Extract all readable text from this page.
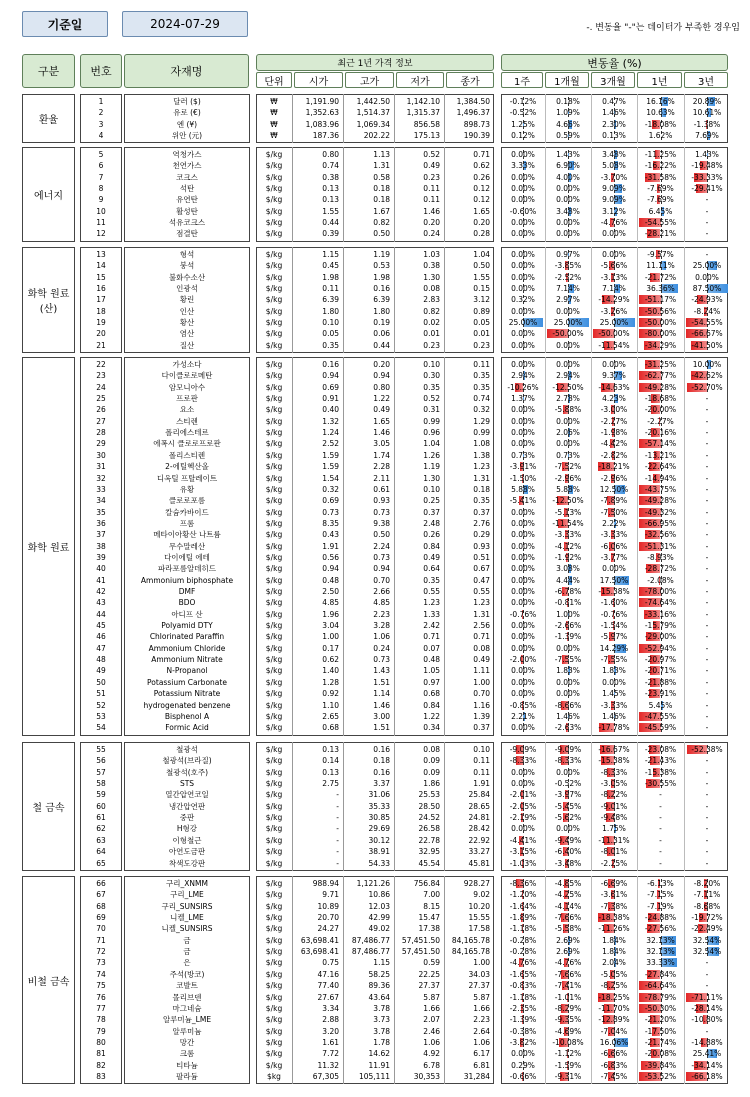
기준일	2024-07-29	-. 변동율 "-"는 데이터가 부족한 경우임
구분	번호	자재명
최근 1년 가격 정보
단위	시가	고가	저가	종가
변동율 (%)
1주	1개월	3개월	1년	3년
환율
1	달러 ($)	₩	1,191.90	1,442.50	1,142.10	1,384.50	-0.12%	0.18%	0.47%	16.16%	20.89%
2	유로 (€)	₩	1,352.63	1,514.37	1,315.37	1,496.37	-0.52%	1.09%	1.46%	10.63%	10.61%
3	엔 (¥)	₩	1,083.96	1,069.34	856.58	898.73	1.25%	4.66%	2.30%	-18.08%	-1.38%
4	위안 (元)	₩	187.36	202.22	175.13	190.39	0.12%	0.59%	0.13%	1.62%	7.69%
에너지
5	역청가스	$/kg	0.80	1.13	0.52	0.71	0.00%	1.43%	3.48%	-11.25%	1.43%
6	천연가스	$/kg	0.74	1.31	0.49	0.62	3.33%	6.90%	5.08%	-16.22%	-19.48%
7	코크스	$/kg	0.38	0.58	0.23	0.26	0.00%	4.00%	-3.70%	-31.58%	-33.33%
8	석탄	$/kg	0.13	0.18	0.11	0.12	0.00%	0.00%	9.09%	-7.69%	-29.41%
9	유연탄	$/kg	0.13	0.18	0.11	0.12	0.00%	0.00%	9.09%	-7.69%	-
10	활성탄	$/kg	1.55	1.67	1.46	1.65	-0.60%	3.48%	3.12%	6.45%	-
11	석유코크스	$/kg	0.44	0.82	0.20	0.20	0.00%	0.00%	-4.76%	-54.55%	-
12	점결탄	$/kg	0.39	0.50	0.24	0.28	0.00%	0.00%	0.00%	-28.21%	-
화학 원료 (산)
13	형석	$/kg	1.15	1.19	1.03	1.04	0.00%	0.97%	0.00%	-9.57%	-
14	붕석	$/kg	0.45	0.53	0.38	0.50	0.00%	-3.85%	-5.66%	11.11%	25.00%
15	불화수소산	$/kg	1.98	1.98	1.30	1.55	0.00%	-2.52%	-3.13%	-21.72%	0.00%
16	인광석	$/kg	0.11	0.16	0.08	0.15	0.00%	7.14%	7.14%	36.36%	87.50%
17	황린	$/kg	6.39	6.39	2.83	3.12	0.32%	2.97%	-14.29%	-51.17%	-24.93%
18	인산	$/kg	1.80	1.80	0.82	0.89	0.00%	0.00%	-3.26%	-50.56%	-8.24%
19	황산	$/kg	0.10	0.19	0.02	0.05	25.00%	25.00%	25.00%	-50.00%	-54.55%
20	염산	$/kg	0.05	0.06	0.01	0.01	0.00%	-50.00%	-50.00%	-80.00%	-66.67%
21	질산	$/kg	0.35	0.44	0.23	0.23	0.00%	0.00%	-11.54%	-34.29%	-41.50%
화학 원료
22	가성소다	$/kg	0.16	0.20	0.10	0.11	0.00%	0.00%	0.00%	-31.25%	10.00%
23	다이클로로메탄	$/kg	0.94	0.94	0.30	0.35	2.94%	2.94%	9.37%	-62.77%	-42.62%
24	암모니아수	$/kg	0.69	0.80	0.35	0.35	-10.26%	-12.50%	-14.63%	-49.28%	-52.70%
25	프로판	$/kg	0.91	1.22	0.52	0.74	1.37%	2.78%	4.23%	-18.68%	-
26	요소	$/kg	0.40	0.49	0.31	0.32	0.00%	-5.88%	-3.00%	-20.00%	-
27	스티렌	$/kg	1.32	1.65	0.99	1.29	0.00%	0.00%	-2.27%	-2.27%	-
28	폴리에스테르	$/kg	1.24	1.46	0.96	0.99	0.00%	2.06%	-1.98%	-20.16%	-
29	에폭시 클로로프로판	$/kg	2.52	3.05	1.04	1.08	0.00%	0.00%	-4.42%	-57.14%	-
30	폴리스티렌	$/kg	1.59	1.74	1.26	1.38	0.73%	0.73%	-2.82%	-13.21%	-
31	2-에틸헥산올	$/kg	1.59	2.28	1.19	1.23	-3.91%	-7.52%	-18.21%	-22.64%	-
32	디옥틸 프탈레이트	$/kg	1.54	2.11	1.30	1.31	-1.50%	-2.96%	-2.96%	-14.94%	-
33	유황	$/kg	0.32	0.61	0.10	0.18	5.88%	5.88%	12.50%	-43.75%	-
34	클로로포름	$/kg	0.69	0.93	0.25	0.35	-5.41%	-12.50%	-7.89%	-49.28%	-
35	칼슘카바이드	$/kg	0.73	0.73	0.37	0.37	0.00%	-5.13%	-7.50%	-49.32%	-
36	프롬	$/kg	8.35	9.38	2.48	2.76	0.00%	-11.54%	2.22%	-66.95%	-
37	메타이아황산 나트륨	$/kg	0.43	0.50	0.26	0.29	0.00%	-3.33%	-3.33%	-32.56%	-
38	무수말레산	$/kg	1.91	2.24	0.84	0.93	0.00%	-4.12%	-6.06%	-51.31%	-
39	다이에틸 에테	$/kg	0.56	0.73	0.49	0.51	0.00%	-1.92%	-3.77%	-8.93%	-
40	파라포름알데히드	$/kg	0.94	0.94	0.64	0.67	0.00%	3.08%	0.00%	-28.72%	-
41	Ammonium biphosphate	$/kg	0.48	0.70	0.35	0.47	0.00%	4.44%	17.50%	-2.08%	-
42	DMF	$/kg	2.50	2.66	0.55	0.55	0.00%	-6.78%	-15.38%	-78.00%	-
43	BDO	$/kg	4.85	4.85	1.23	1.23	0.00%	-0.81%	-1.60%	-74.64%	-
44	아디프 산	$/kg	1.96	2.23	1.33	1.31	-0.76%	1.00%	-0.76%	-33.16%	-
45	Polyamid DTY	$/kg	3.04	3.28	2.42	2.56	0.00%	-2.66%	-1.54%	-15.79%	-
46	Chlorinated Paraffin	$/kg	1.00	1.06	0.71	0.71	0.00%	-1.39%	-5.97%	-29.00%	-
47	Ammonium Chloride	$/kg	0.17	0.24	0.07	0.08	0.00%	0.00%	14.29%	-52.94%	-
48	Ammonium Nitrate	$/kg	0.62	0.73	0.48	0.49	-2.00%	-7.55%	-7.55%	-20.97%	-
49	N-Propanol	$/kg	1.40	1.43	1.05	1.11	0.00%	1.83%	1.83%	-20.71%	-
50	Potassium Carbonate	$/kg	1.28	1.51	0.97	1.00	0.00%	0.00%	0.00%	-21.88%	-
51	Potassium Nitrate	$/kg	0.92	1.14	0.68	0.70	0.00%	0.00%	1.45%	-23.91%	-
52	hydrogenated benzene	$/kg	1.10	1.46	0.84	1.16	-0.85%	-8.66%	-3.33%	5.45%	-
53	Bisphenol A	$/kg	2.65	3.00	1.22	1.39	2.21%	1.46%	1.46%	-47.55%	-
54	Formic Acid	$/kg	0.68	1.51	0.34	0.37	0.00%	-2.63%	-17.78%	-45.59%	-
철 금속
55	철광석	$/kg	0.13	0.16	0.08	0.10	-9.09%	-9.09%	-16.67%	-23.08%	-52.38%
56	철광석(브라질)	$/kg	0.14	0.18	0.09	0.11	-8.33%	-8.33%	-15.38%	-21.43%	-
57	철광석(호주)	$/kg	0.13	0.16	0.09	0.11	0.00%	0.00%	-8.33%	-15.38%	-
58	STS	$/kg	2.75	3.37	1.86	1.91	0.00%	-0.52%	-3.05%	-30.55%	-
59	열간압연코일	$/kg	-	31.06	25.53	25.84	-2.01%	-3.97%	-8.22%	-	-
60	냉간압연판	$/kg	-	35.33	28.50	28.65	-2.05%	-5.45%	-9.01%	-	-
61	중판	$/kg	-	30.85	24.52	24.81	-2.19%	-5.62%	-9.48%	-	-
62	H형강	$/kg	-	29.69	26.58	28.42	0.00%	0.00%	1.75%	-	-
63	이형철근	$/kg	-	30.12	22.78	22.92	-4.41%	-9.49%	-11.31%	-	-
64	아연도금판	$/kg	-	38.91	32.95	33.27	-3.15%	-6.40%	-8.01%	-	-
65	착색도강판	$/kg	-	54.33	45.54	45.81	-1.03%	-3.48%	-2.25%	-	-
비철 금속
66	구리_XNMM	$/kg	988.94	1,121.26	756.84	928.27	-8.36%	-4.85%	-6.69%	-6.13%	-8.20%
67	구리_LME	$/kg	9.71	10.86	7.00	9.02	-1.20%	-4.25%	-3.61%	-7.15%	-7.11%
68	구리_SUNSIRS	$/kg	10.89	12.03	8.15	10.20	-1.64%	-4.14%	-7.38%	-7.19%	-8.68%
69	니켈_LME	$/kg	20.70	42.99	15.47	15.55	-1.89%	-7.66%	-18.38%	-24.88%	-19.72%
70	니켈_SUNSIRS	$/kg	24.27	49.02	17.38	17.58	-1.18%	-5.58%	-11.26%	-27.56%	-22.49%
71	금	$/kg	63,698.41	87,486.77	57,451.50	84,165.78	-0.28%	2.69%	1.84%	32.13%	32.54%
72	금	$/kg	63,698.41	87,486.77	57,451.50	84,165.78	-0.28%	2.69%	1.84%	32.13%	32.54%
73	은	$/kg	0.75	1.15	0.59	1.00	-4.76%	-4.76%	2.04%	33.33%	-
74	주석(방코)	$/kg	47.16	58.25	22.25	34.03	-1.65%	-7.66%	-5.05%	-27.84%	-
75	코발트	$/kg	77.40	89.36	27.37	27.37	-0.83%	-7.41%	-8.25%	-64.64%	-
76	몰리브덴	$/kg	27.67	43.64	5.87	5.87	-1.18%	-1.01%	-18.25%	-78.79%	-71.11%
77	마그네슘	$/kg	3.34	3.78	1.66	1.66	-2.35%	-8.29%	-11.70%	-50.30%	-28.14%
78	알루미늄_LME	$/kg	2.88	3.73	2.07	2.23	-1.39%	-9.35%	-12.89%	-21.20%	-10.80%
79	알루미늄	$/kg	3.20	3.78	2.46	2.64	-0.38%	-4.69%	-7.04%	-17.50%	-
80	망간	$/kg	1.61	1.78	1.06	1.06	-3.82%	-10.08%	16.06%	-21.74%	-14.88%
81	크롬	$/kg	7.72	14.62	4.92	6.17	0.00%	-1.12%	-6.66%	-20.08%	25.41%
82	티타늄	$/kg	11.32	11.91	6.78	6.81	0.29%	-1.59%	-6.83%	-39.84%	-34.14%
83	팔라듐	$kg	67,305	105,111	30,353	31,284	-0.66%	-9.31%	-7.45%	-53.52%	-66.18%
